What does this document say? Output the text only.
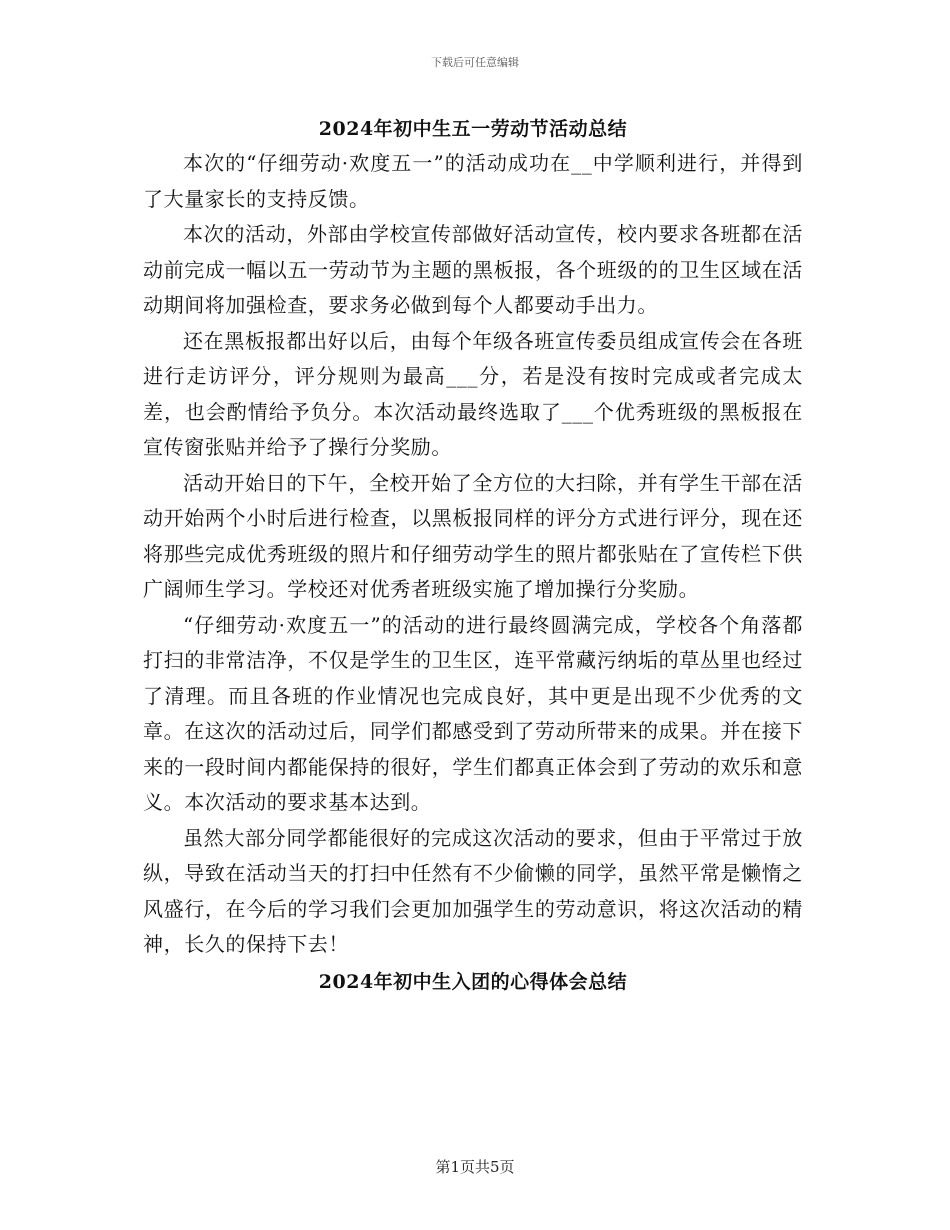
下载后可任意编辑
2024年初中生五一劳动节活动总结

本次的“仔细劳动·欢度五一”的活动成功在__中学顺利进行，并得到了大量家长的支持反馈。

本次的活动，外部由学校宣传部做好活动宣传，校内要求各班都在活动前完成一幅以五一劳动节为主题的黑板报，各个班级的的卫生区域在活动期间将加强检查，要求务必做到每个人都要动手出力。

还在黑板报都出好以后，由每个年级各班宣传委员组成宣传会在各班进行走访评分，评分规则为最高___分，若是没有按时完成或者完成太差，也会酌情给予负分。本次活动最终选取了___个优秀班级的黑板报在宣传窗张贴并给予了操行分奖励。

活动开始日的下午，全校开始了全方位的大扫除，并有学生干部在活动开始两个小时后进行检查，以黑板报同样的评分方式进行评分，现在还将那些完成优秀班级的照片和仔细劳动学生的照片都张贴在了宣传栏下供广阔师生学习。学校还对优秀者班级实施了增加操行分奖励。

“仔细劳动·欢度五一”的活动的进行最终圆满完成，学校各个角落都打扫的非常洁净，不仅是学生的卫生区，连平常藏污纳垢的草丛里也经过了清理。而且各班的作业情况也完成良好，其中更是出现不少优秀的文章。在这次的活动过后，同学们都感受到了劳动所带来的成果。并在接下来的一段时间内都能保持的很好，学生们都真正体会到了劳动的欢乐和意义。本次活动的要求基本达到。

虽然大部分同学都能很好的完成这次活动的要求，但由于平常过于放纵，导致在活动当天的打扫中任然有不少偷懒的同学，虽然平常是懒惰之风盛行，在今后的学习我们会更加加强学生的劳动意识，将这次活动的精神，长久的保持下去！

2024年初中生入团的心得体会总结
第1页共5页
